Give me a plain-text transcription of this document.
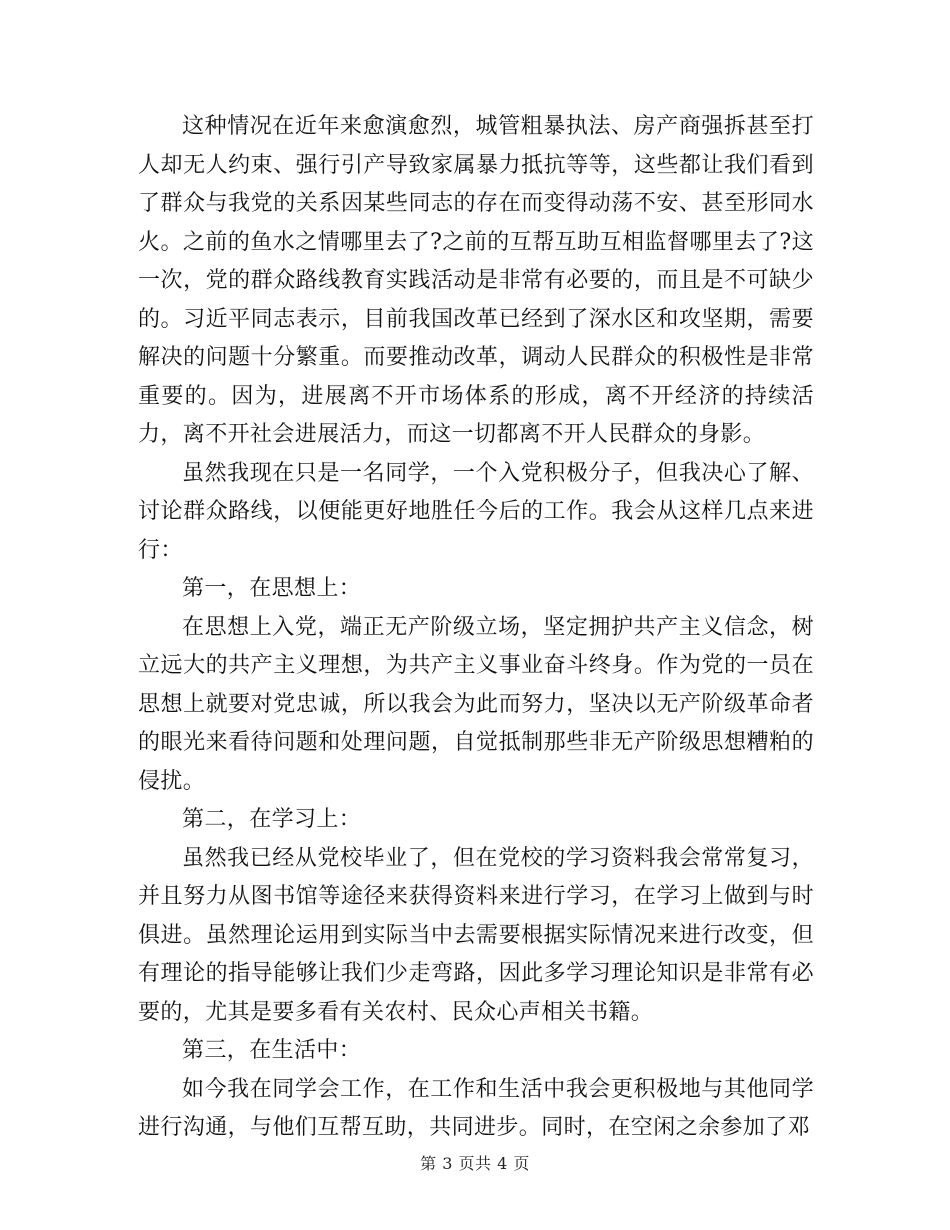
这种情况在近年来愈演愈烈，城管粗暴执法、房产商强拆甚至打人却无人约束、强行引产导致家属暴力抵抗等等，这些都让我们看到了群众与我党的关系因某些同志的存在而变得动荡不安、甚至形同水火。之前的鱼水之情哪里去了?之前的互帮互助互相监督哪里去了?这一次，党的群众路线教育实践活动是非常有必要的，而且是不可缺少的。习近平同志表示，目前我国改革已经到了深水区和攻坚期，需要解决的问题十分繁重。而要推动改革，调动人民群众的积极性是非常重要的。因为，进展离不开市场体系的形成，离不开经济的持续活力，离不开社会进展活力，而这一切都离不开人民群众的身影。

虽然我现在只是一名同学，一个入党积极分子，但我决心了解、讨论群众路线，以便能更好地胜任今后的工作。我会从这样几点来进行：

第一，在思想上：

在思想上入党，端正无产阶级立场，坚定拥护共产主义信念，树立远大的共产主义理想，为共产主义事业奋斗终身。作为党的一员在思想上就要对党忠诚，所以我会为此而努力，坚决以无产阶级革命者的眼光来看待问题和处理问题，自觉抵制那些非无产阶级思想糟粕的侵扰。

第二，在学习上：

虽然我已经从党校毕业了，但在党校的学习资料我会常常复习，并且努力从图书馆等途径来获得资料来进行学习，在学习上做到与时俱进。虽然理论运用到实际当中去需要根据实际情况来进行改变，但有理论的指导能够让我们少走弯路，因此多学习理论知识是非常有必要的，尤其是要多看有关农村、民众心声相关书籍。

第三，在生活中：

如今我在同学会工作，在工作和生活中我会更积极地与其他同学进行沟通，与他们互帮互助，共同进步。同时，在空闲之余参加了邓

第 3 页共 4 页
